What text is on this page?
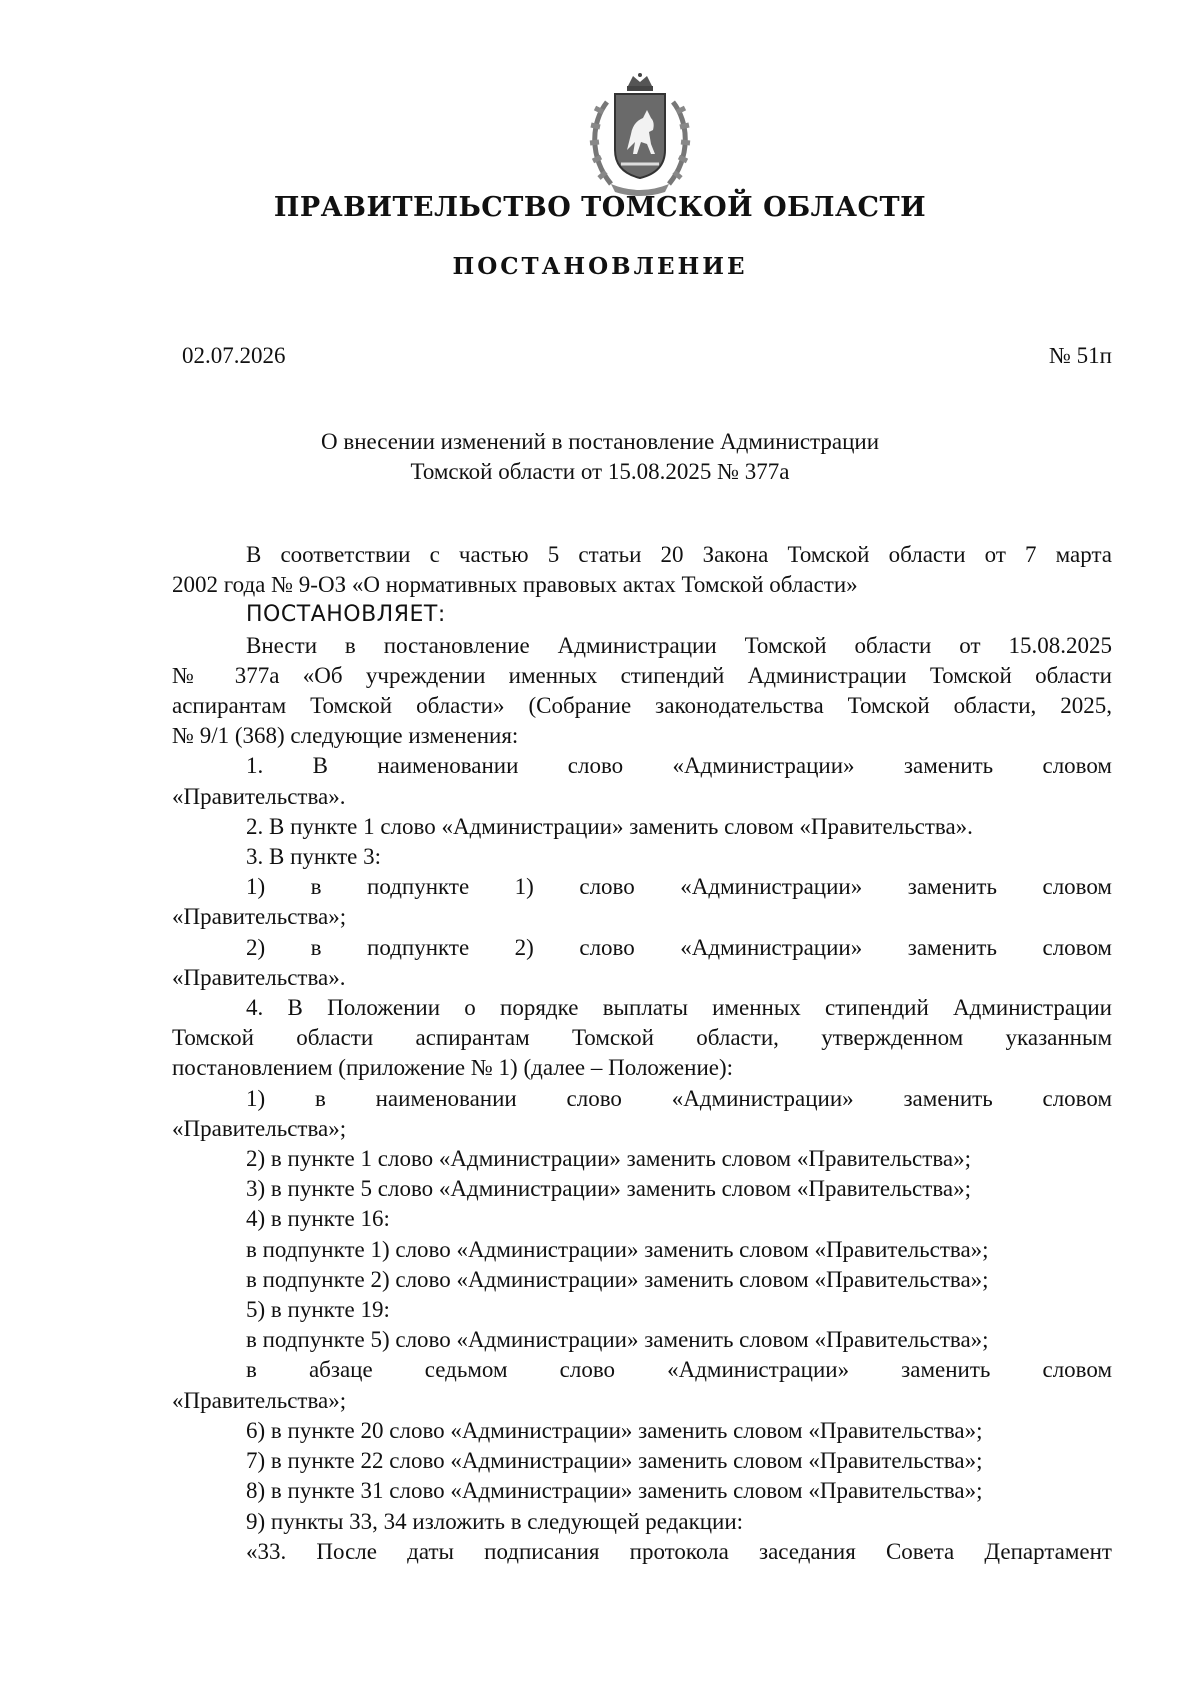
ПРАВИТЕЛЬСТВО ТОМСКОЙ ОБЛАСТИ
ПОСТАНОВЛЕНИЕ
02.07.2026	№ 51п
О внесении изменений в постановление Администрации
Томской области от 15.08.2025 № 377а

В соответствии с частью 5 статьи 20 Закона Томской области от 7 марта

2002 года № 9-ОЗ «О нормативных правовых актах Томской области»

ПОСТАНОВЛЯЕТ:

Внести в постановление Администрации Томской области от 15.08.2025

№ 377а «Об учреждении именных стипендий Администрации Томской области

аспирантам Томской области» (Собрание законодательства Томской области, 2025,

№ 9/1 (368) следующие изменения:

1. В наименовании слово «Администрации» заменить словом

«Правительства».

2. В пункте 1 слово «Администрации» заменить словом «Правительства».

3. В пункте 3:

1) в подпункте 1) слово «Администрации» заменить словом

«Правительства»;

2) в подпункте 2) слово «Администрации» заменить словом

«Правительства».

4. В Положении о порядке выплаты именных стипендий Администрации

Томской области аспирантам Томской области, утвержденном указанным

постановлением (приложение № 1) (далее – Положение):

1) в наименовании слово «Администрации» заменить словом

«Правительства»;

2) в пункте 1 слово «Администрации» заменить словом «Правительства»;

3) в пункте 5 слово «Администрации» заменить словом «Правительства»;

4) в пункте 16:

в подпункте 1) слово «Администрации» заменить словом «Правительства»;

в подпункте 2) слово «Администрации» заменить словом «Правительства»;

5) в пункте 19:

в подпункте 5) слово «Администрации» заменить словом «Правительства»;

в абзаце седьмом слово «Администрации» заменить словом

«Правительства»;

6) в пункте 20 слово «Администрации» заменить словом «Правительства»;

7) в пункте 22 слово «Администрации» заменить словом «Правительства»;

8) в пункте 31 слово «Администрации» заменить словом «Правительства»;

9) пункты 33, 34 изложить в следующей редакции:

«33. После даты подписания протокола заседания Совета Департамент
